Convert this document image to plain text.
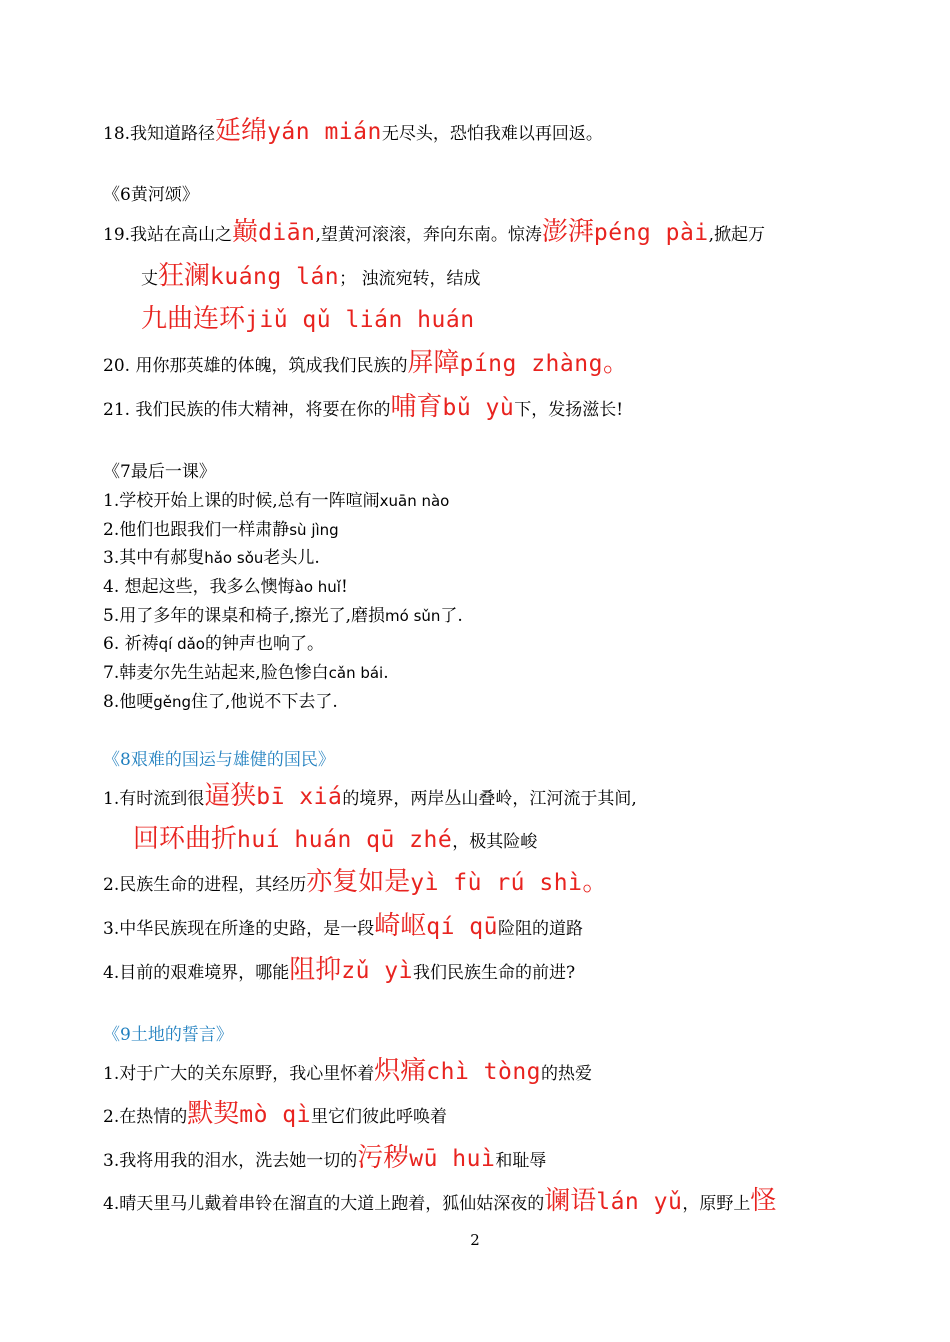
18.我知道路径延绵yán mián无尽头，恐怕我难以再回返。
《6黄河颂》
19.我站在高山之巅diān,望黄河滚滚，奔向东南。惊涛澎湃péng pài,掀起万
丈狂澜kuáng lán； 浊流宛转，结成
九曲连环jiǔ qǔ lián huán
20. 用你那英雄的体魄，筑成我们民族的屏障píng zhàng。
21. 我们民族的伟大精神，将要在你的哺育bǔ yù下，发扬滋长!
《7最后一课》
1.学校开始上课的时候,总有一阵喧闹xuān nào
2.他们也跟我们一样肃静sù jìng
3.其中有郝叟hǎo sǒu老头儿.
4. 想起这些，我多么懊悔ào huǐ!
5.用了多年的课桌和椅子,擦光了,磨损mó sǔn了.
6. 祈祷qí dǎo的钟声也响了。
7.韩麦尔先生站起来,脸色惨白cǎn bái.
8.他哽gěng住了,他说不下去了.
《8艰难的国运与雄健的国民》
1.有时流到很逼狭bī xiá的境界，两岸丛山叠岭，江河流于其间,
回环曲折huí huán qū zhé，极其险峻
2.民族生命的进程，其经历亦复如是yì fù rú shì。
3.中华民族现在所逢的史路，是一段崎岖qí qū险阻的道路
4.目前的艰难境界，哪能阻抑zǔ yì我们民族生命的前进?
《9土地的誓言》
1.对于广大的关东原野，我心里怀着炽痛chì tòng的热爱
2.在热情的默契mò qì里它们彼此呼唤着
3.我将用我的泪水，洗去她一切的污秽wū huì和耻辱
4.晴天里马儿戴着串铃在溜直的大道上跑着，狐仙姑深夜的谰语lán yǔ，原野上怪
2
